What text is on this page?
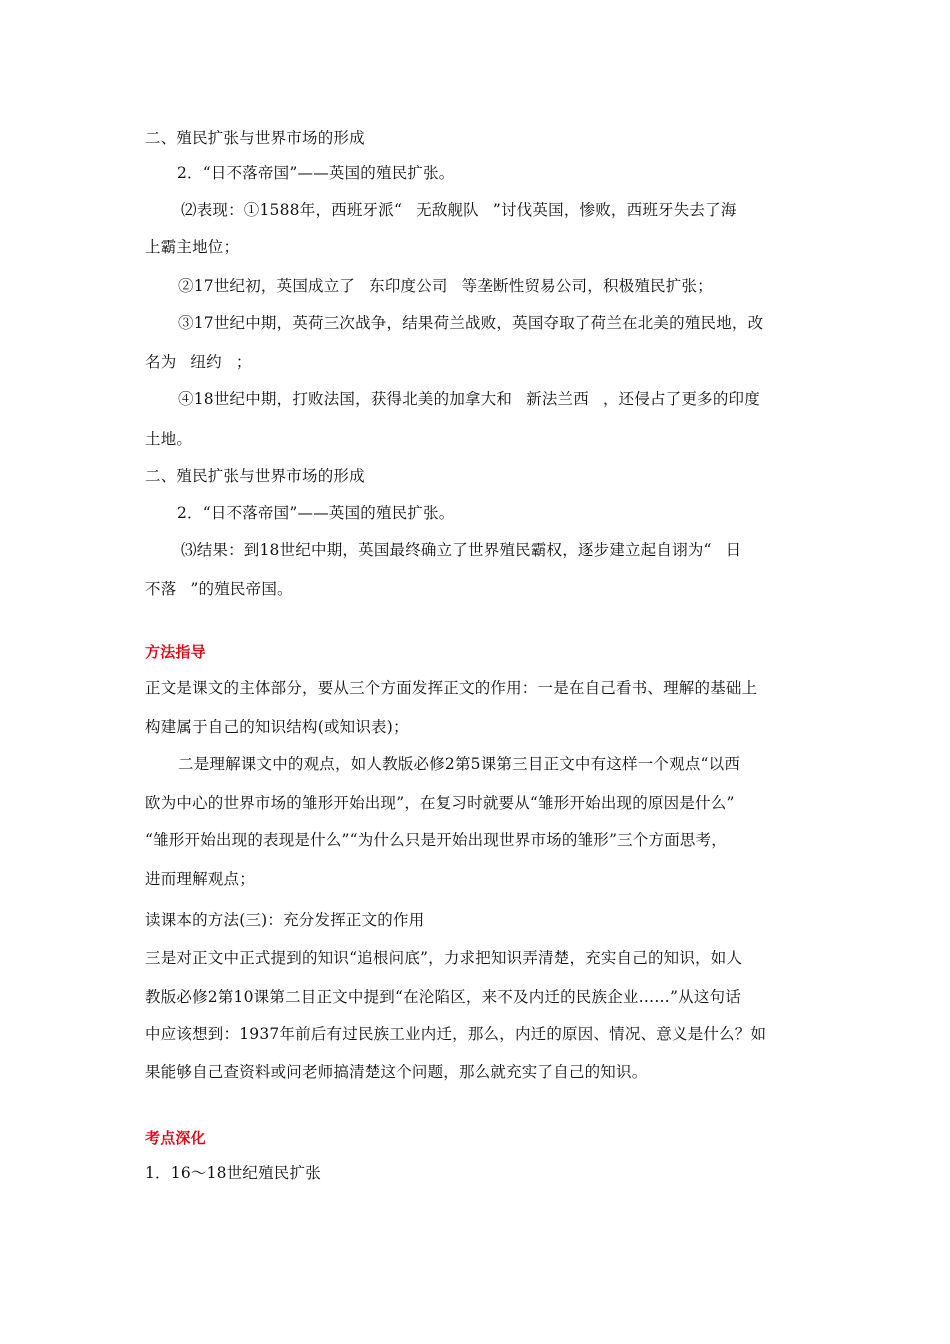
二、殖民扩张与世界市场的形成
2．“日不落帝国”——英国的殖民扩张。
⑵表现：①1588年，西班牙派“ 无敌舰队 ”讨伐英国，惨败，西班牙失去了海
上霸主地位；
②17世纪初，英国成立了 东印度公司 等垄断性贸易公司，积极殖民扩张；
③17世纪中期，英荷三次战争，结果荷兰战败，英国夺取了荷兰在北美的殖民地，改
名为 纽约 ；
④18世纪中期，打败法国，获得北美的加拿大和 新法兰西 ，还侵占了更多的印度
土地。
二、殖民扩张与世界市场的形成
2．“日不落帝国”——英国的殖民扩张。
⑶结果：到18世纪中期，英国最终确立了世界殖民霸权，逐步建立起自诩为“ 日
不落 ”的殖民帝国。
方法指导
正文是课文的主体部分，要从三个方面发挥正文的作用：一是在自己看书、理解的基础上
构建属于自己的知识结构(或知识表)；
二是理解课文中的观点，如人教版必修2第5课第三目正文中有这样一个观点“以西
欧为中心的世界市场的雏形开始出现”，在复习时就要从“雏形开始出现的原因是什么”
“雏形开始出现的表现是什么”“为什么只是开始出现世界市场的雏形”三个方面思考，
进而理解观点；
读课本的方法(三)：充分发挥正文的作用
三是对正文中正式提到的知识“追根问底”，力求把知识弄清楚，充实自己的知识，如人
教版必修2第10课第二目正文中提到“在沦陷区，来不及内迁的民族企业……”从这句话
中应该想到：1937年前后有过民族工业内迁，那么，内迁的原因、情况、意义是什么？如
果能够自己查资料或问老师搞清楚这个问题，那么就充实了自己的知识。
考点深化
1．16～18世纪殖民扩张
